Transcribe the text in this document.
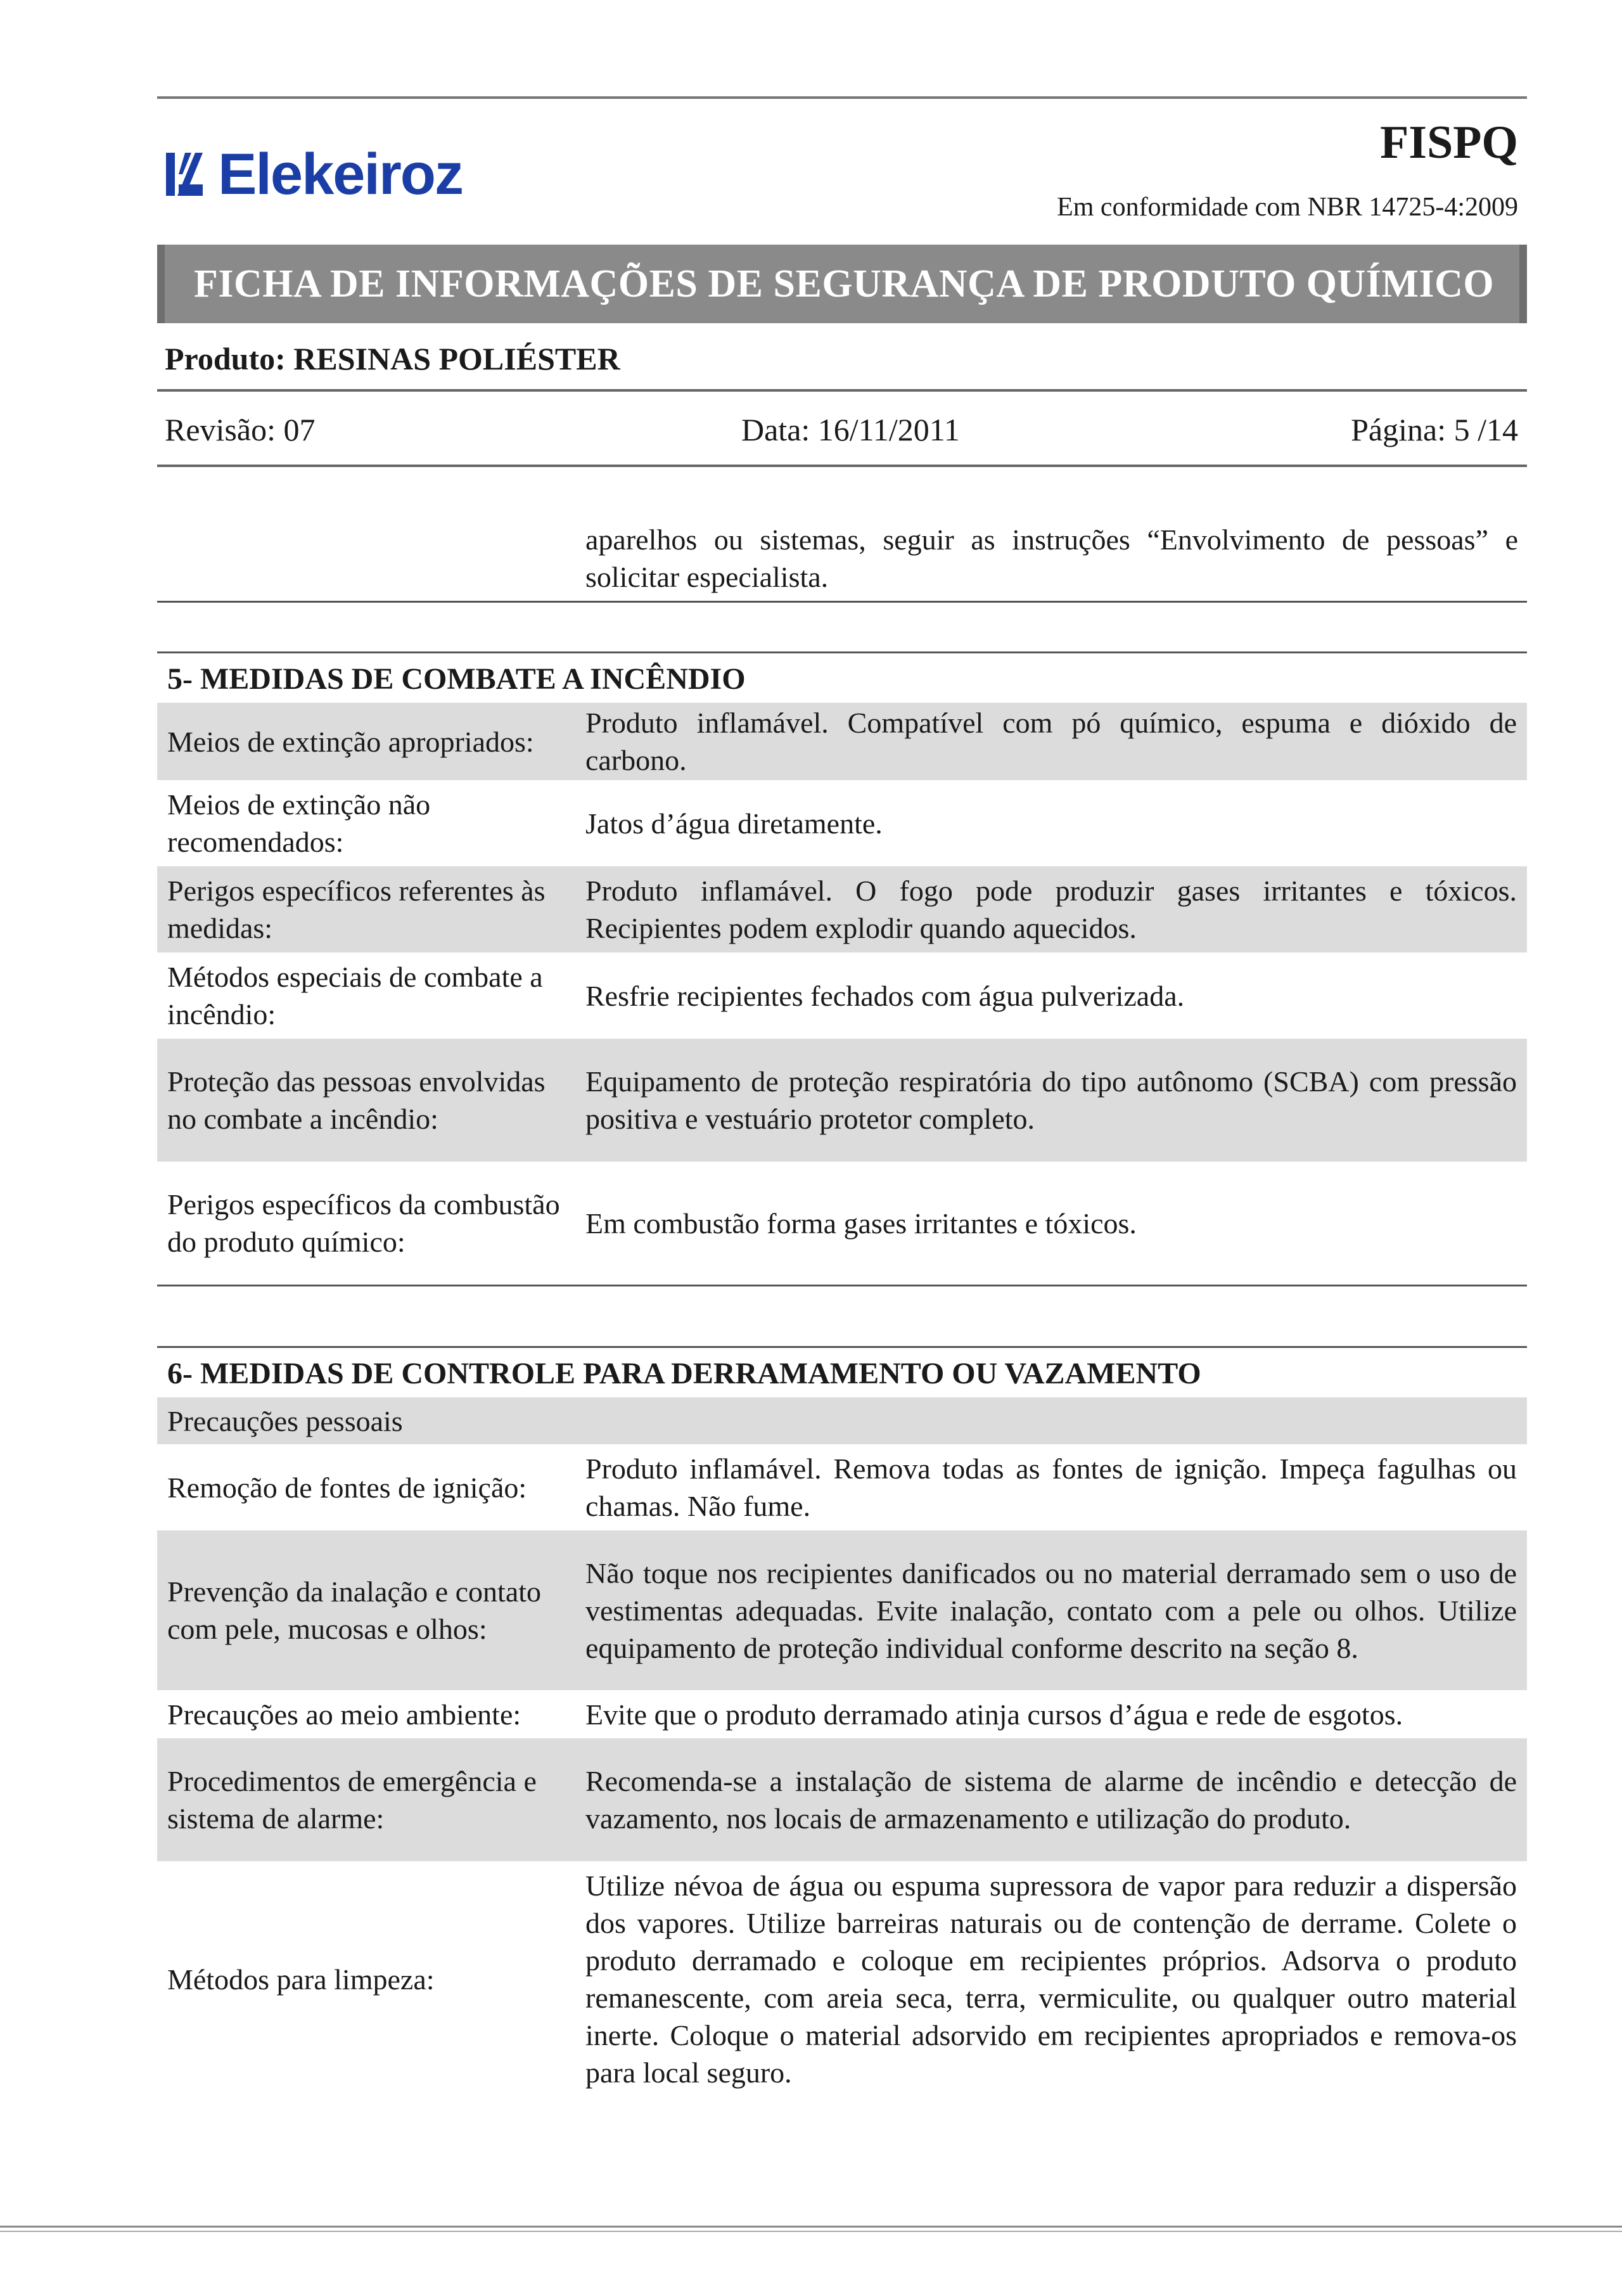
Elekeiroz	FISPQ
Em conformidade com NBR 14725-4:2009
FICHA DE INFORMAÇÕES DE SEGURANÇA DE PRODUTO QUÍMICO
Produto: RESINAS POLIÉSTER
Revisão: 07	Data: 16/11/2011	Página: 5 /14
aparelhos ou sistemas, seguir as instruções “Envolvimento de pessoas” e solicitar especialista.
5- MEDIDAS DE COMBATE A INCÊNDIO
Meios de extinção apropriados:
Produto inflamável. Compatível com pó químico, espuma e dióxido de carbono.
Meios de extinção não recomendados:
Jatos d’água diretamente.
Perigos específicos referentes às medidas:
Produto inflamável. O fogo pode produzir gases irritantes e tóxicos. Recipientes podem explodir quando aquecidos.
Métodos especiais de combate a incêndio:
Resfrie recipientes fechados com água pulverizada.
Proteção das pessoas envolvidas no combate a incêndio:
Equipamento de proteção respiratória do tipo autônomo (SCBA) com pressão positiva e vestuário protetor completo.
Perigos específicos da combustão do produto químico:
Em combustão forma gases irritantes e tóxicos.
6- MEDIDAS DE CONTROLE PARA DERRAMAMENTO OU VAZAMENTO
Precauções pessoais
Remoção de fontes de ignição:
Produto inflamável. Remova todas as fontes de ignição. Impeça fagulhas ou chamas. Não fume.
Prevenção da inalação e contato com pele, mucosas e olhos:
Não toque nos recipientes danificados ou no material derramado sem o uso de vestimentas adequadas. Evite inalação, contato com a pele ou olhos. Utilize equipamento de proteção individual conforme descrito na seção 8.
Precauções ao meio ambiente:	Evite que o produto derramado atinja cursos d’água e rede de esgotos.
Procedimentos de emergência e sistema de alarme:
Recomenda-se a instalação de sistema de alarme de incêndio e detecção de vazamento, nos locais de armazenamento e utilização do produto.
Métodos para limpeza:
Utilize névoa de água ou espuma supressora de vapor para reduzir a dispersão dos vapores. Utilize barreiras naturais ou de contenção de derrame. Colete o produto derramado e coloque em recipientes próprios. Adsorva o produto remanescente, com areia seca, terra, vermiculite, ou qualquer outro material inerte. Coloque o material adsorvido em recipientes apropriados e remova-os para local seguro.
